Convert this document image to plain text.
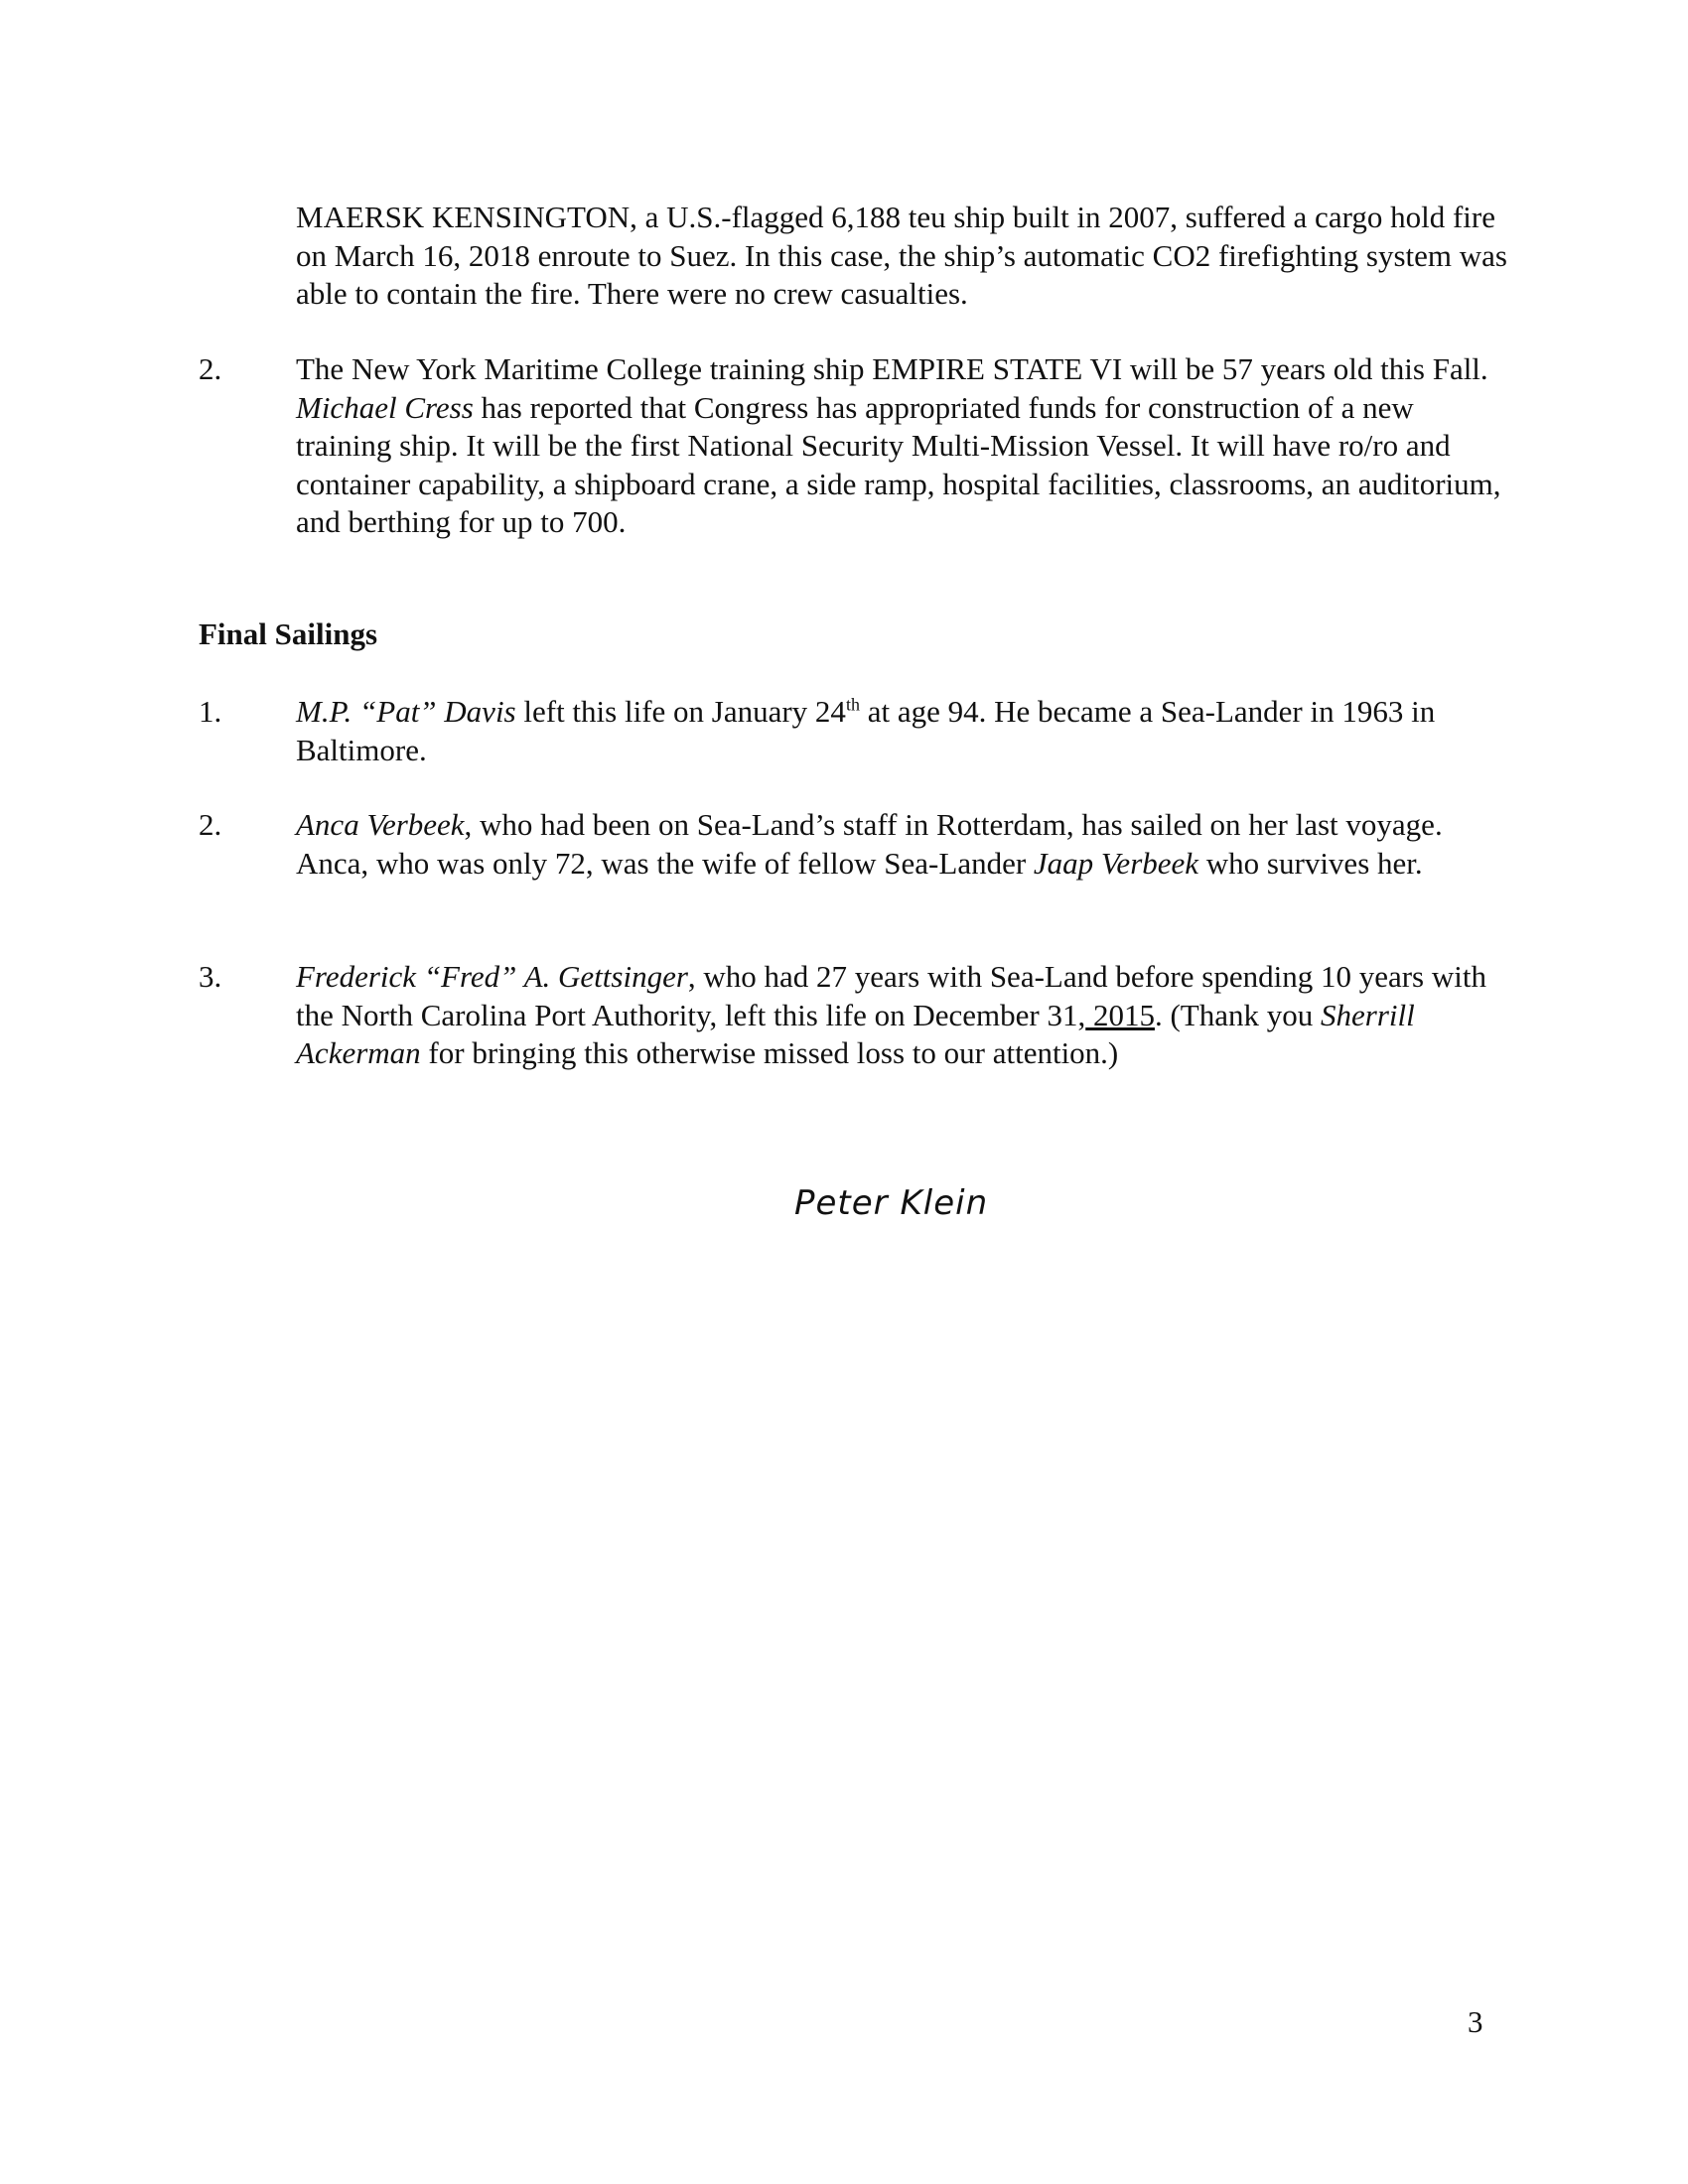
MAERSK KENSINGTON, a U.S.-flagged 6,188 teu ship built in 2007, suffered a cargo hold fire on March 16, 2018 enroute to Suez. In this case, the ship’s automatic CO2 firefighting system was able to contain the fire. There were no crew casualties.

2. The New York Maritime College training ship EMPIRE STATE VI will be 57 years old this Fall. Michael Cress has reported that Congress has appropriated funds for construction of a new training ship. It will be the first National Security Multi-Mission Vessel. It will have ro/ro and container capability, a shipboard crane, a side ramp, hospital facilities, classrooms, an auditorium, and berthing for up to 700.
Final Sailings
1. M.P. “Pat” Davis left this life on January 24th at age 94. He became a Sea-Lander in 1963 in Baltimore.
2. Anca Verbeek, who had been on Sea-Land’s staff in Rotterdam, has sailed on her last voyage. Anca, who was only 72, was the wife of fellow Sea-Lander Jaap Verbeek who survives her.
3. Frederick “Fred” A. Gettsinger, who had 27 years with Sea-Land before spending 10 years with the North Carolina Port Authority, left this life on December 31, 2015. (Thank you Sherrill Ackerman for bringing this otherwise missed loss to our attention.)
Peter Klein
3
